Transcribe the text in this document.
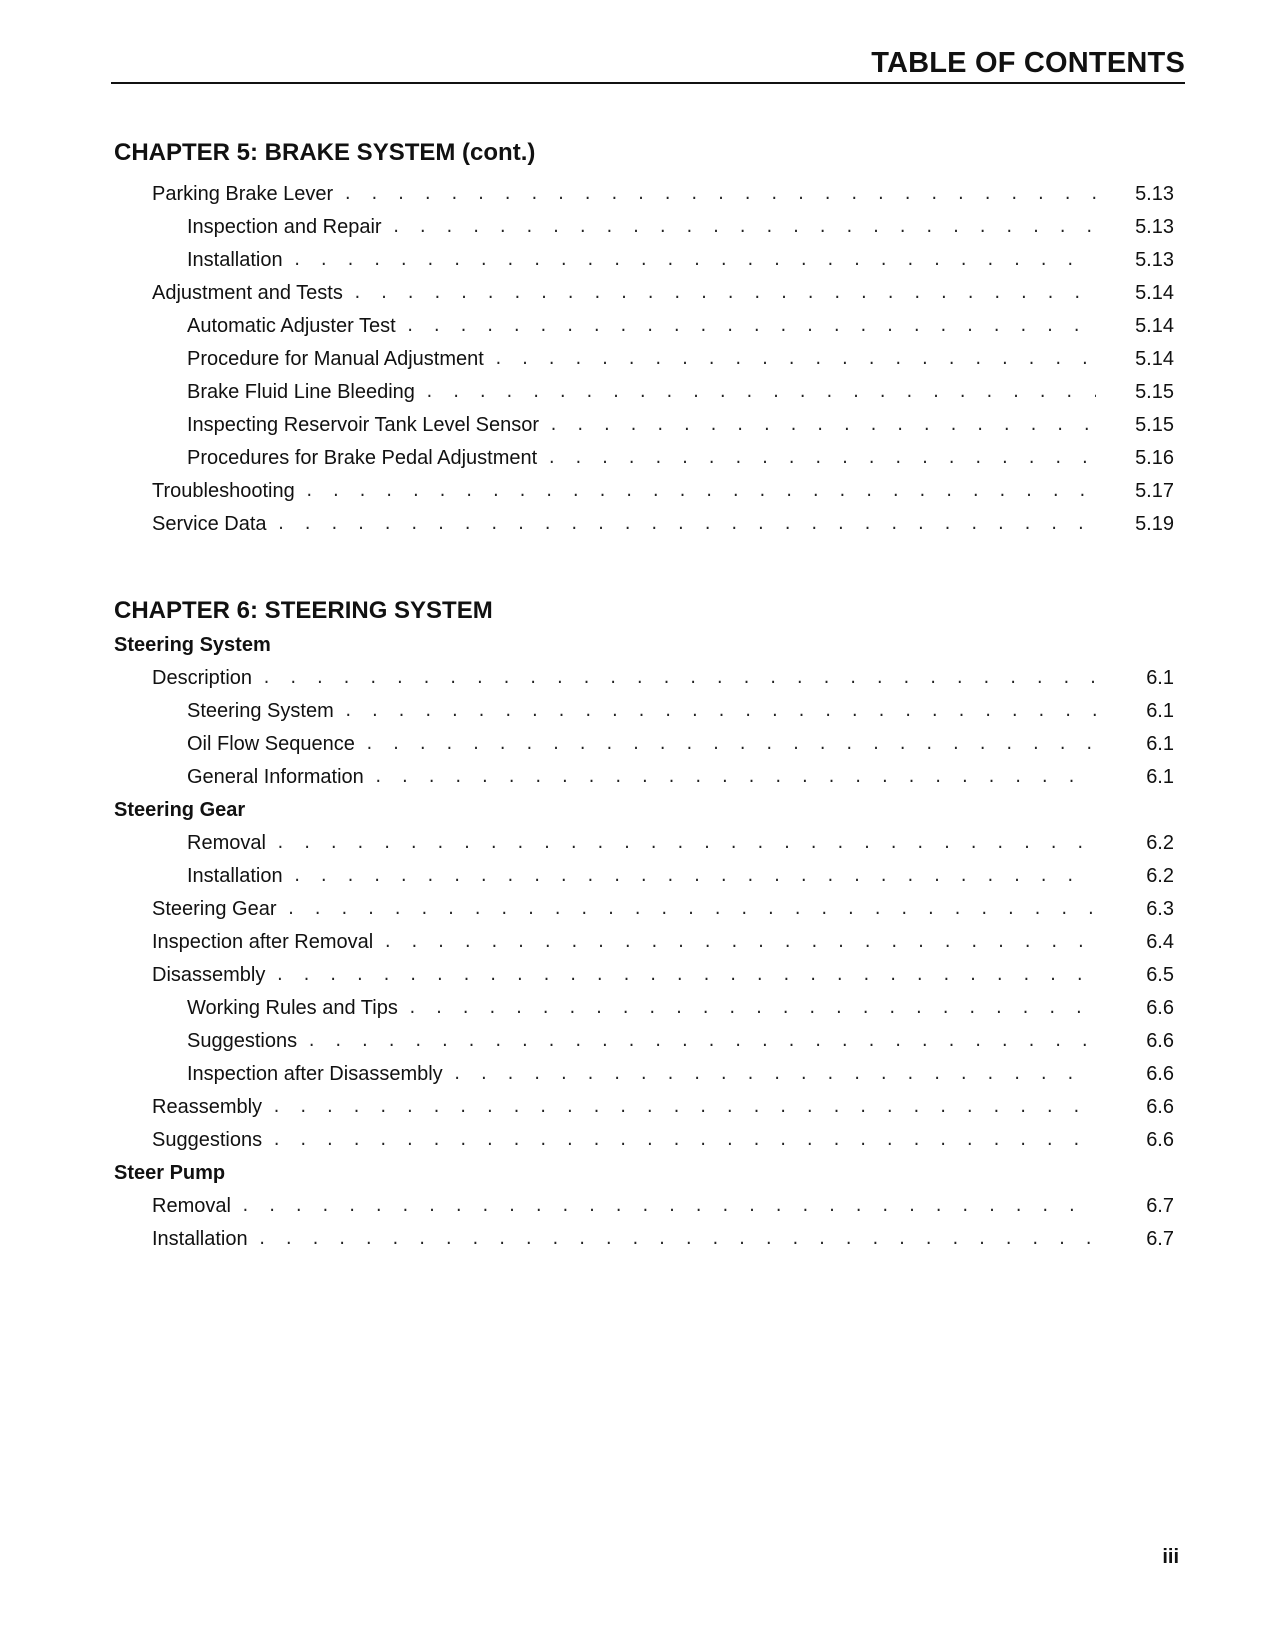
TABLE OF CONTENTS
CHAPTER 5: BRAKE SYSTEM (cont.)
Parking Brake Lever . . .	5.13
Inspection and Repair . . .	5.13
Installation . . .	5.13
Adjustment and Tests . . .	5.14
Automatic Adjuster Test . . .	5.14
Procedure for Manual Adjustment . . .	5.14
Brake Fluid Line Bleeding . . .	5.15
Inspecting Reservoir Tank Level Sensor . . .	5.15
Procedures for Brake Pedal Adjustment . . .	5.16
Troubleshooting . . .	5.17
Service Data . . .	5.19
CHAPTER 6: STEERING SYSTEM
Steering System
Description . . .	6.1
Steering System . . .	6.1
Oil Flow Sequence . . .	6.1
General Information . . .	6.1
Steering Gear
Removal . . .	6.2
Installation . . .	6.2
Steering Gear . . .	6.3
Inspection after Removal . . .	6.4
Disassembly . . .	6.5
Working Rules and Tips . . .	6.6
Suggestions . . .	6.6
Inspection after Disassembly . . .	6.6
Reassembly . . .	6.6
Suggestions . . .	6.6
Steer Pump
Removal . . .	6.7
Installation . . .	6.7
iii
